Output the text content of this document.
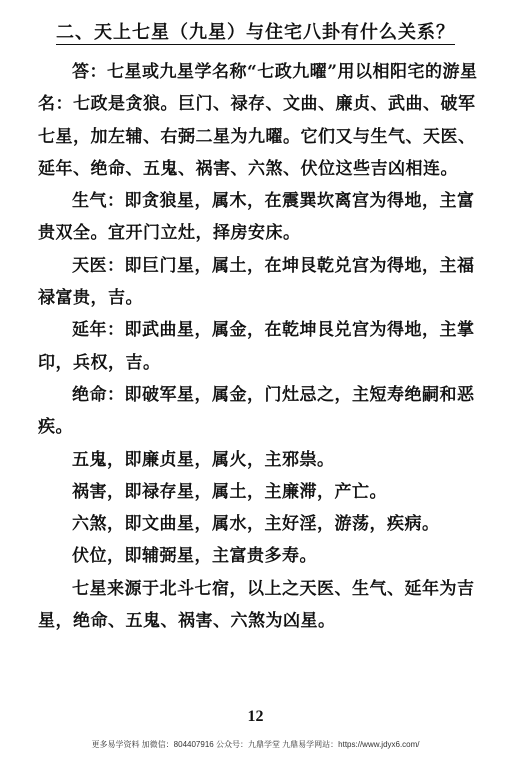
二、天上七星（九星）与住宅八卦有什么关系？

答：七星或九星学名称“七政九曜”用以相阳宅的游星名：七政是贪狼。巨门、禄存、文曲、廉贞、武曲、破军七星，加左辅、右弼二星为九曜。它们又与生气、天医、延年、绝命、五鬼、祸害、六煞、伏位这些吉凶相连。

生气：即贪狼星，属木，在震巽坎离宫为得地，主富贵双全。宜开门立灶，择房安床。

天医：即巨门星，属土，在坤艮乾兑宫为得地，主福禄富贵，吉。

延年：即武曲星，属金，在乾坤艮兑宫为得地，主掌印，兵权，吉。

绝命：即破军星，属金，门灶忌之，主短寿绝嗣和恶疾。

五鬼，即廉贞星，属火，主邪祟。

祸害，即禄存星，属土，主廉滞，产亡。

六煞，即文曲星，属水，主好淫，游荡，疾病。

伏位，即辅弼星，主富贵多寿。

七星来源于北斗七宿，以上之天医、生气、延年为吉星，绝命、五鬼、祸害、六煞为凶星。

12
更多易学资料 加微信：804407916 公众号：九鼎学堂 九鼎易学网站：https://www.jdyx6.com/
